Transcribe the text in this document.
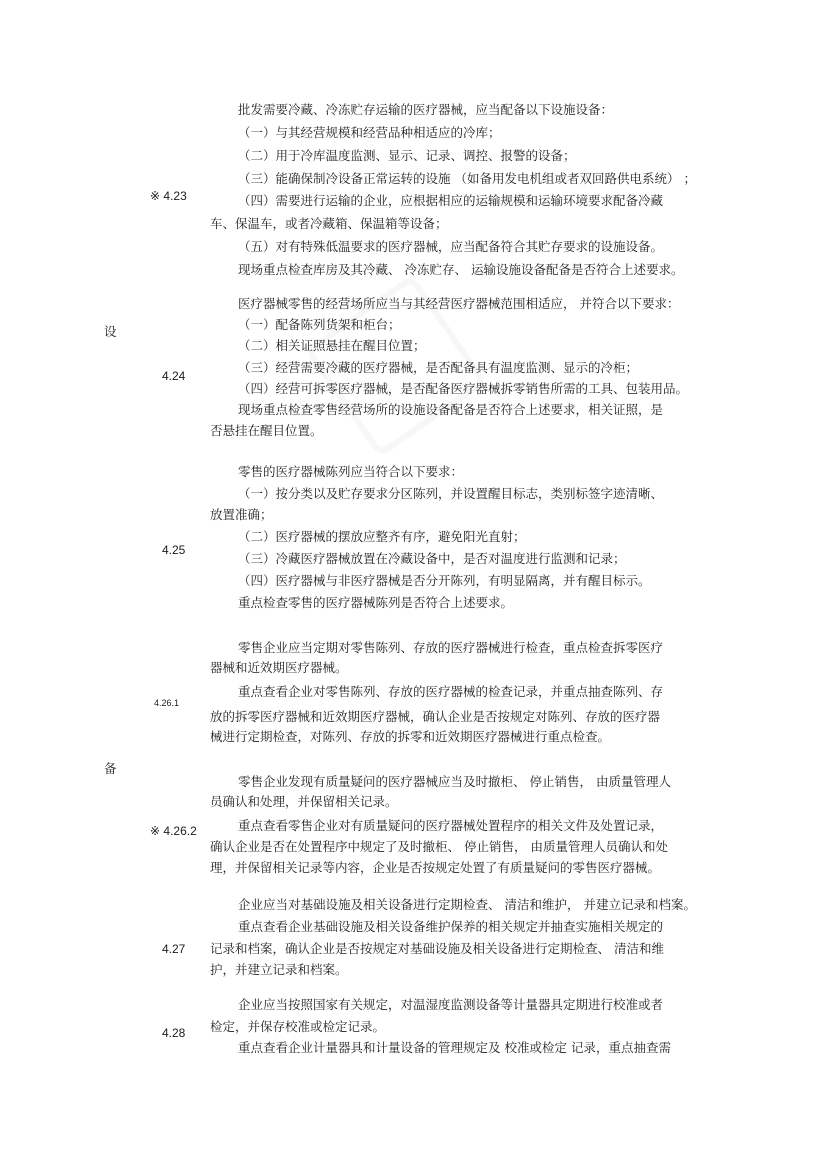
设
备
※ 4.23
批发需要冷藏、冷冻贮存运输的医疗器械，应当配备以下设施设备：
（一）与其经营规模和经营品种相适应的冷库；
（二）用于冷库温度监测、显示、记录、调控、报警的设备；
（三）能确保制冷设备正常运转的设施 （如备用发电机组或者双回路供电系统） ；
（四）需要进行运输的企业，应根据相应的运输规模和运输环境要求配备冷藏
车、保温车，或者冷藏箱、保温箱等设备；
（五）对有特殊低温要求的医疗器械，应当配备符合其贮存要求的设施设备。
现场重点检查库房及其冷藏、 冷冻贮存、 运输设施设备配备是否符合上述要求。
4.24
医疗器械零售的经营场所应当与其经营医疗器械范围相适应， 并符合以下要求：
（一）配备陈列货架和柜台；
（二）相关证照悬挂在醒目位置；
（三）经营需要冷藏的医疗器械，是否配备具有温度监测、显示的冷柜；
（四）经营可拆零医疗器械，是否配备医疗器械拆零销售所需的工具、包装用品。
现场重点检查零售经营场所的设施设备配备是否符合上述要求，相关证照，是
否悬挂在醒目位置。
4.25
零售的医疗器械陈列应当符合以下要求：
（一）按分类以及贮存要求分区陈列，并设置醒目标志，类别标签字迹清晰、
放置准确；
（二）医疗器械的摆放应整齐有序，避免阳光直射；
（三）冷藏医疗器械放置在冷藏设备中，是否对温度进行监测和记录；
（四）医疗器械与非医疗器械是否分开陈列，有明显隔离，并有醒目标示。
重点检查零售的医疗器械陈列是否符合上述要求。
4.26.1
零售企业应当定期对零售陈列、存放的医疗器械进行检查，重点检查拆零医疗
器械和近效期医疗器械。
重点查看企业对零售陈列、存放的医疗器械的检查记录，并重点抽查陈列、存
放的拆零医疗器械和近效期医疗器械，确认企业是否按规定对陈列、存放的医疗器
械进行定期检查，对陈列、存放的拆零和近效期医疗器械进行重点检查。
※ 4.26.2
零售企业发现有质量疑问的医疗器械应当及时撤柜、 停止销售， 由质量管理人
员确认和处理，并保留相关记录。
重点查看零售企业对有质量疑问的医疗器械处置程序的相关文件及处置记录，
确认企业是否在处置程序中规定了及时撤柜、 停止销售， 由质量管理人员确认和处
理，并保留相关记录等内容，企业是否按规定处置了有质量疑问的零售医疗器械。
4.27
企业应当对基础设施及相关设备进行定期检查、 清洁和维护， 并建立记录和档案。
重点查看企业基础设施及相关设备维护保养的相关规定并抽查实施相关规定的
记录和档案，确认企业是否按规定对基础设施及相关设备进行定期检查、 清洁和维
护，并建立记录和档案。
4.28
企业应当按照国家有关规定，对温湿度监测设备等计量器具定期进行校准或者
检定，并保存校准或检定记录。
重点查看企业计量器具和计量设备的管理规定及 校准或检定 记录，重点抽查需
